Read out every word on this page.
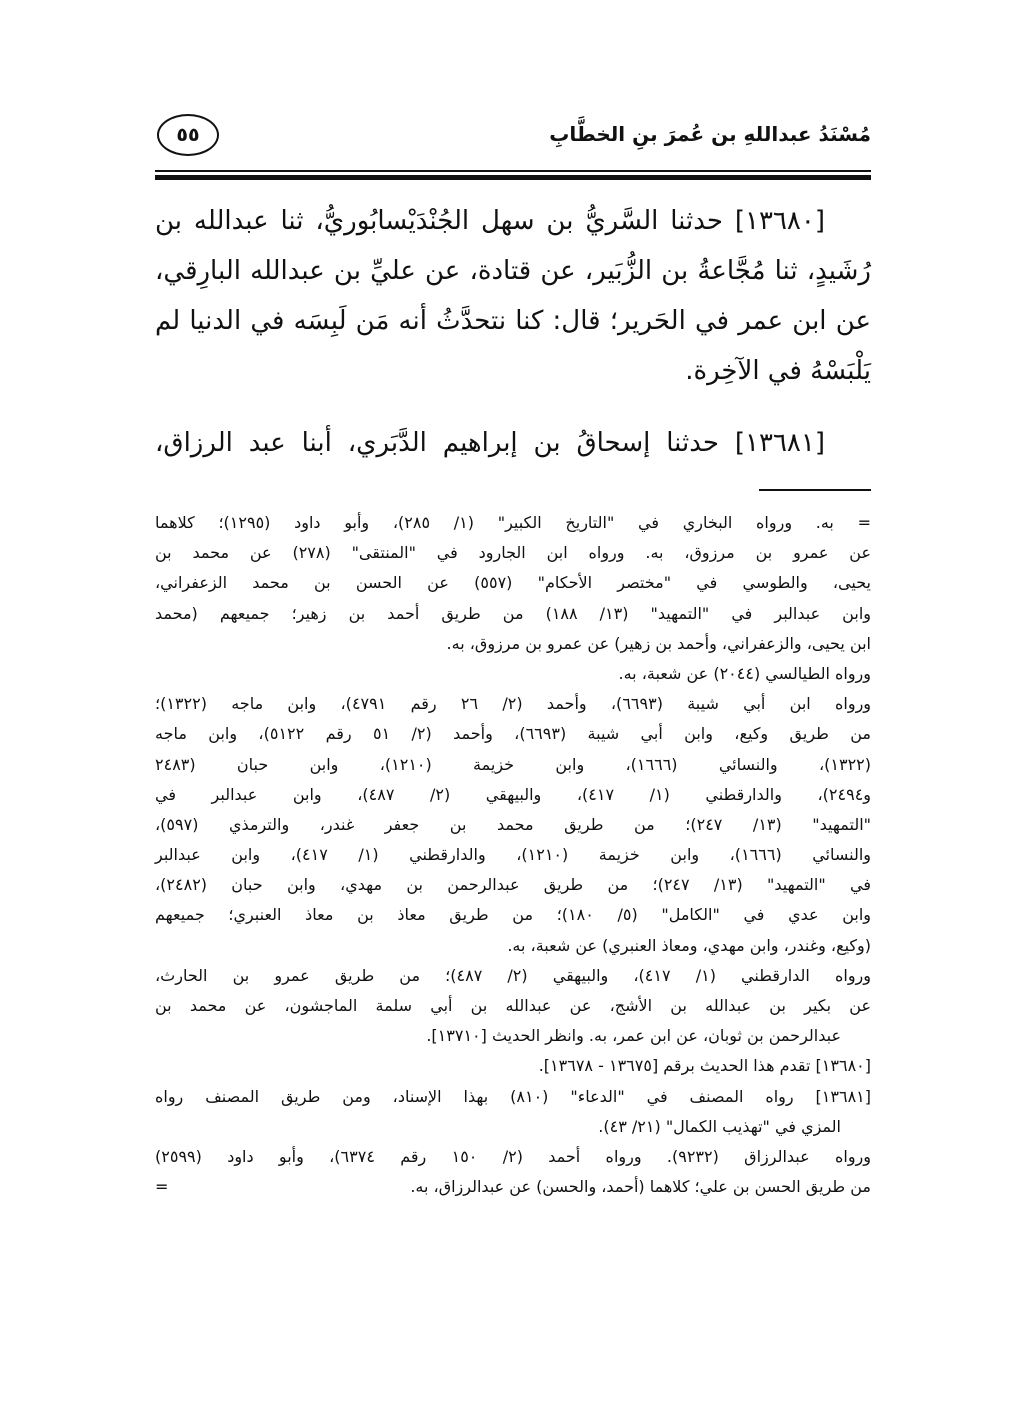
مُسْنَدُ عبداللهِ بن عُمرَ بنِ الخطَّابِ
٥٥
[١٣٦٨٠] حدثنا السَّريُّ بن سهل الجُنْدَيْسابُوريُّ، ثنا عبدالله بن
رُشَيدٍ، ثنا مُجَّاعةُ بن الزُّبَير، عن قتادة، عن عليِّ بن عبدالله البارِقي،
عن ابن عمر في الحَرير؛ قال: كنا نتحدَّثُ أنه مَن لَبِسَه في الدنيا لم
يَلْبَسْهُ في الآخِرة.
[١٣٦٨١] حدثنا إسحاقُ بن إبراهيم الدَّبَري، أبنا عبد الرزاق،
= به. ورواه البخاري في "التاريخ الكبير" (١/ ٢٨٥)، وأبو داود (١٢٩٥)؛ كلاهما
عن عمرو بن مرزوق، به. ورواه ابن الجارود في "المنتقى" (٢٧٨) عن محمد بن
يحيى، والطوسي في "مختصر الأحكام" (٥٥٧) عن الحسن بن محمد الزعفراني،
وابن عبدالبر في "التمهيد" (١٣/ ١٨٨) من طريق أحمد بن زهير؛ جميعهم (محمد
ابن يحيى، والزعفراني، وأحمد بن زهير) عن عمرو بن مرزوق، به.
ورواه الطيالسي (٢٠٤٤) عن شعبة، به.
ورواه ابن أبي شيبة (٦٦٩٣)، وأحمد (٢/ ٢٦ رقم ٤٧٩١)، وابن ماجه (١٣٢٢)؛
من طريق وكيع، وابن أبي شيبة (٦٦٩٣)، وأحمد (٢/ ٥١ رقم ٥١٢٢)، وابن ماجه
(١٣٢٢)، والنسائي (١٦٦٦)، وابن خزيمة (١٢١٠)، وابن حبان (٢٤٨٣
و٢٤٩٤)، والدارقطني (١/ ٤١٧)، والبيهقي (٢/ ٤٨٧)، وابن عبدالبر في
"التمهيد" (١٣/ ٢٤٧)؛ من طريق محمد بن جعفر غندر، والترمذي (٥٩٧)،
والنسائي (١٦٦٦)، وابن خزيمة (١٢١٠)، والدارقطني (١/ ٤١٧)، وابن عبدالبر
في "التمهيد" (١٣/ ٢٤٧)؛ من طريق عبدالرحمن بن مهدي، وابن حبان (٢٤٨٢)،
وابن عدي في "الكامل" (٥/ ١٨٠)؛ من طريق معاذ بن معاذ العنبري؛ جميعهم
(وكيع، وغندر، وابن مهدي، ومعاذ العنبري) عن شعبة، به.
ورواه الدارقطني (١/ ٤١٧)، والبيهقي (٢/ ٤٨٧)؛ من طريق عمرو بن الحارث،
عن بكير بن عبدالله بن الأشج، عن عبدالله بن أبي سلمة الماجشون، عن محمد بن
عبدالرحمن بن ثوبان، عن ابن عمر، به. وانظر الحديث [١٣٧١٠].
[١٣٦٨٠] تقدم هذا الحديث برقم [١٣٦٧٥ - ١٣٦٧٨].
[١٣٦٨١] رواه المصنف في "الدعاء" (٨١٠) بهذا الإسناد، ومن طريق المصنف رواه
المزي في "تهذيب الكمال" (٢١/ ٤٣).
ورواه عبدالرزاق (٩٢٣٢). ورواه أحمد (٢/ ١٥٠ رقم ٦٣٧٤)، وأبو داود (٢٥٩٩)
من طريق الحسن بن علي؛ كلاهما (أحمد، والحسن) عن عبدالرزاق، به.
=
